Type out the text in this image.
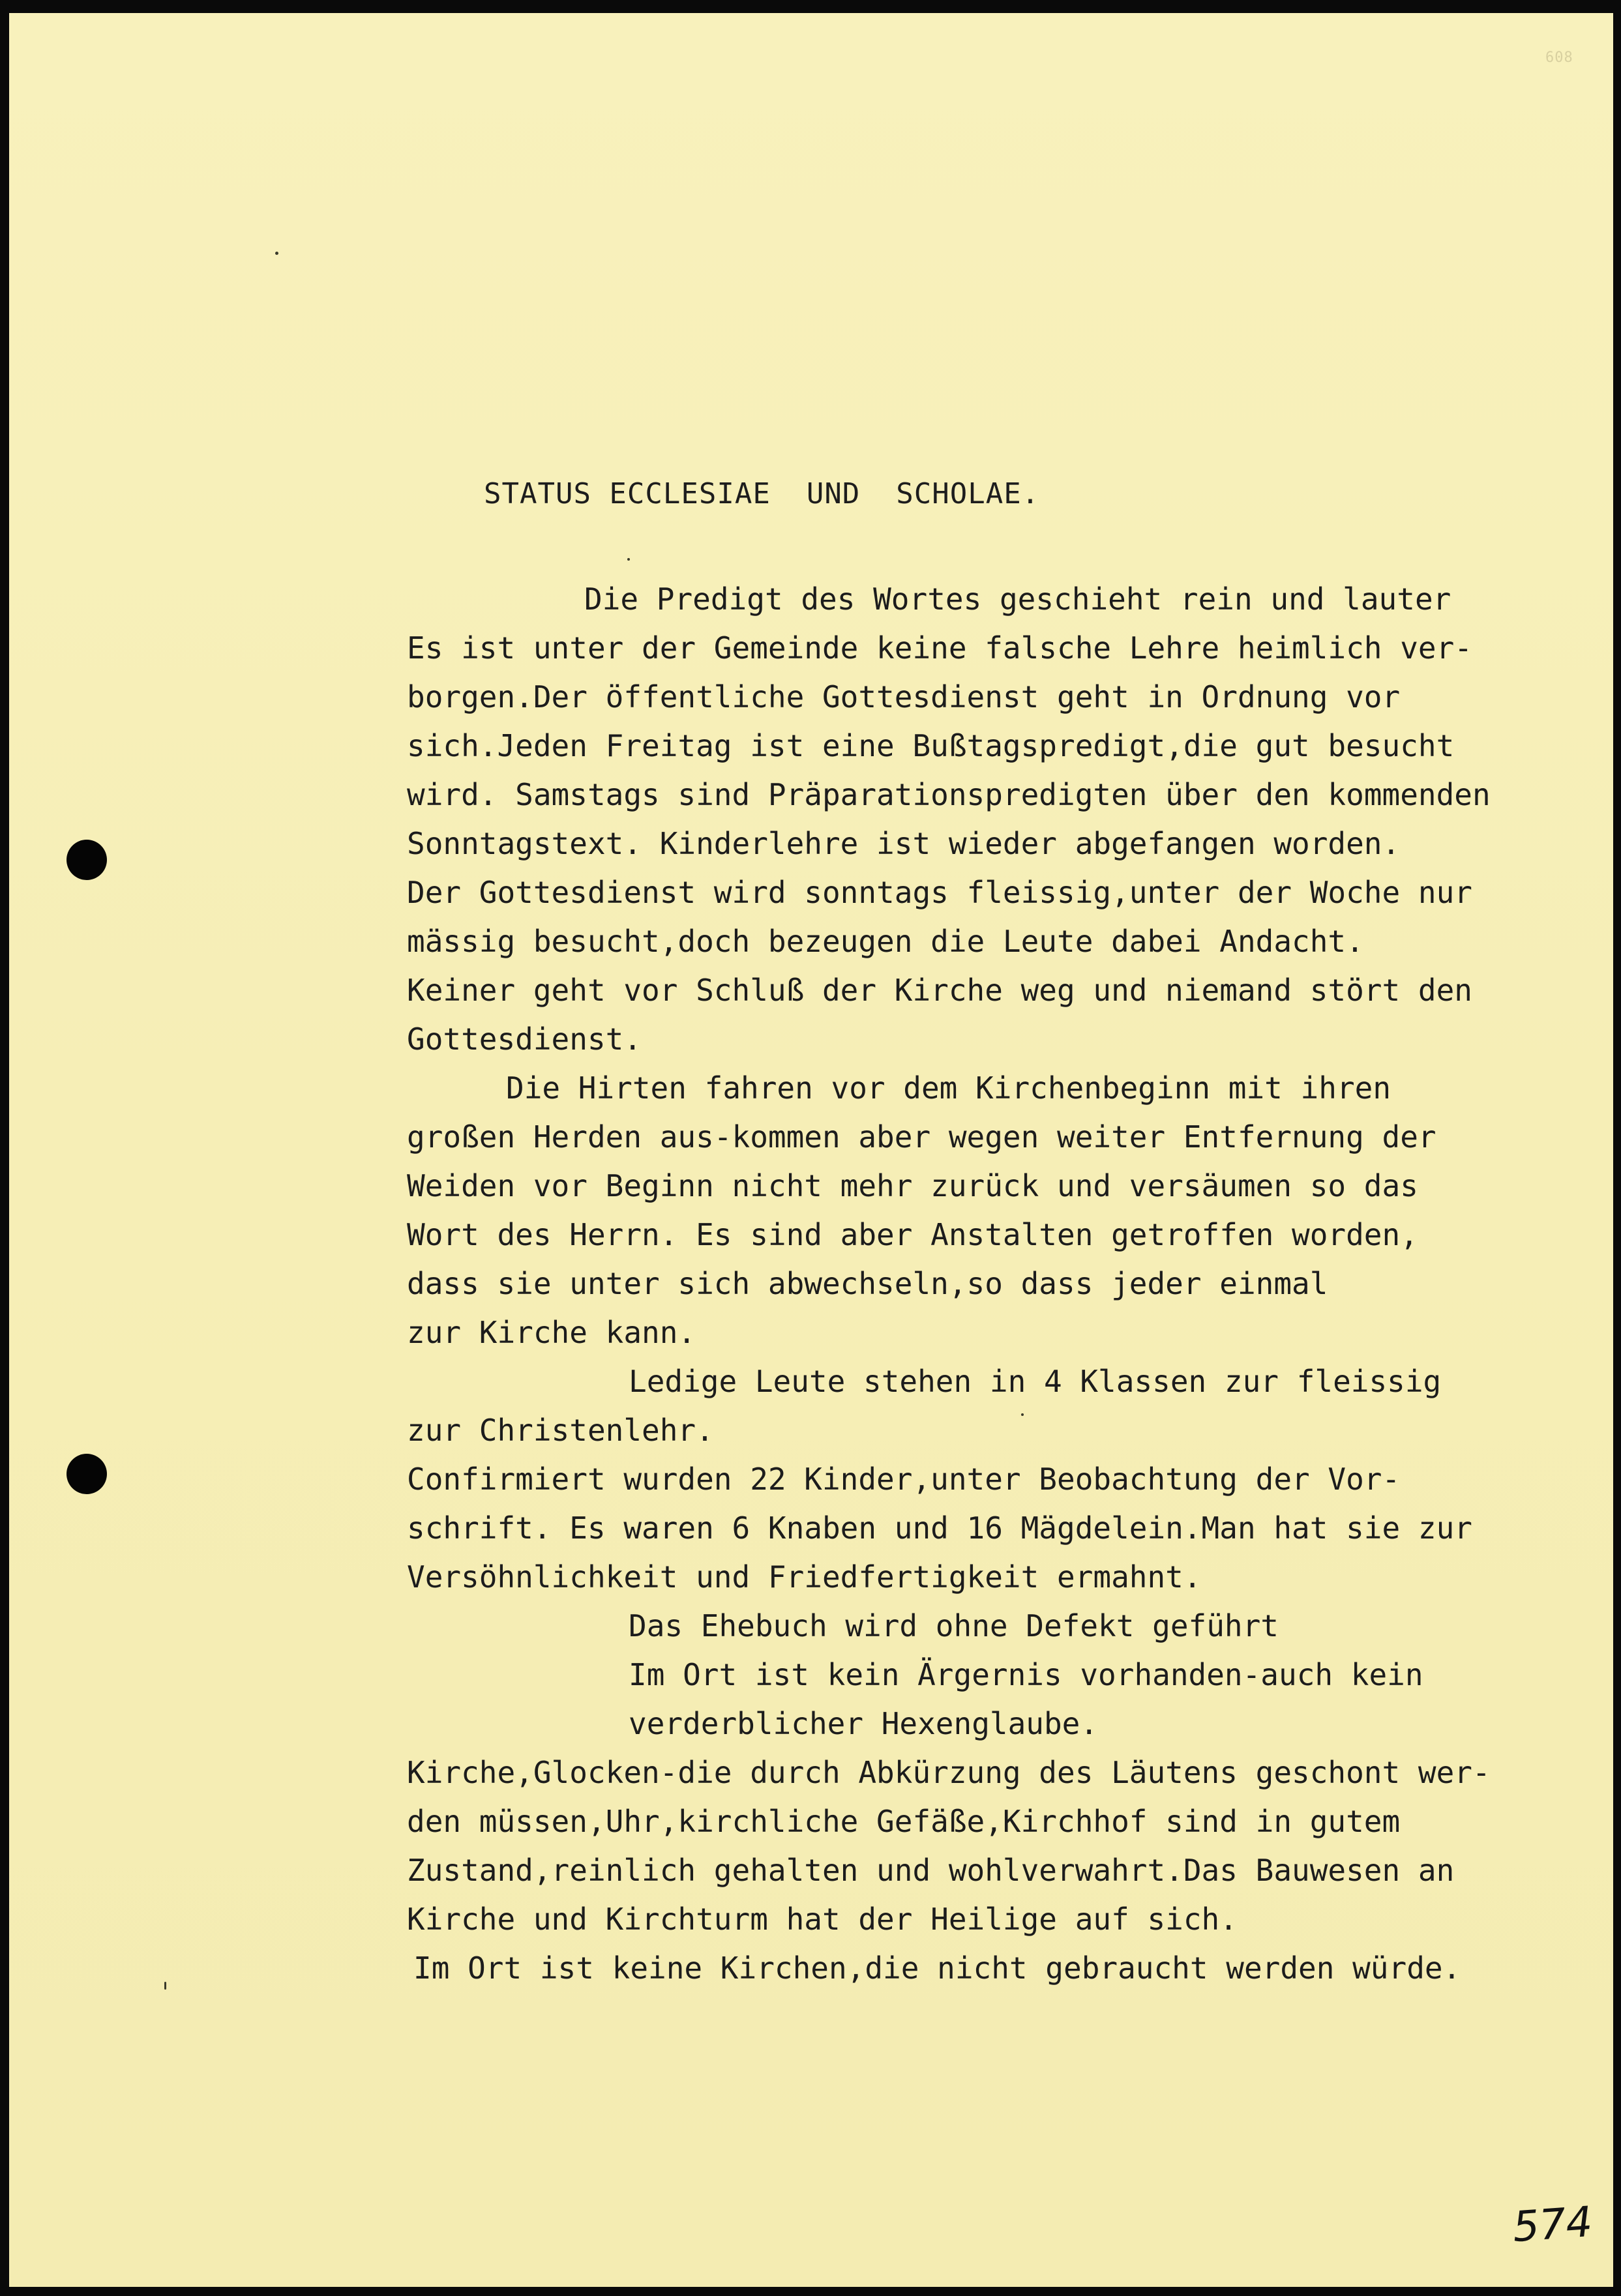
608
STATUS ECCLESIAE  UND  SCHOLAE.
Die Predigt des Wortes geschieht rein und lauter
Es ist unter der Gemeinde keine falsche Lehre heimlich ver-
borgen.Der öffentliche Gottesdienst geht in Ordnung vor
sich.Jeden Freitag ist eine Bußtagspredigt,die gut besucht
wird. Samstags sind Präparationspredigten über den kommenden
Sonntagstext. Kinderlehre ist wieder abgefangen worden.
Der Gottesdienst wird sonntags fleissig,unter der Woche nur
mässig besucht,doch bezeugen die Leute dabei Andacht.
Keiner geht vor Schluß der Kirche weg und niemand stört den
Gottesdienst.
Die Hirten fahren vor dem Kirchenbeginn mit ihren
großen Herden aus-kommen aber wegen weiter Entfernung der
Weiden vor Beginn nicht mehr zurück und versäumen so das
Wort des Herrn. Es sind aber Anstalten getroffen worden,
dass sie unter sich abwechseln,so dass jeder einmal
zur Kirche kann.
Ledige Leute stehen in 4 Klassen zur fleissig
zur Christenlehr.
Confirmiert wurden 22 Kinder,unter Beobachtung der Vor-
schrift. Es waren 6 Knaben und 16 Mägdelein.Man hat sie zur
Versöhnlichkeit und Friedfertigkeit ermahnt.
Das Ehebuch wird ohne Defekt geführt
Im Ort ist kein Ärgernis vorhanden-auch kein
verderblicher Hexenglaube.
Kirche,Glocken-die durch Abkürzung des Läutens geschont wer-
den müssen,Uhr,kirchliche Gefäße,Kirchhof sind in gutem
Zustand,reinlich gehalten und wohlverwahrt.Das Bauwesen an
Kirche und Kirchturm hat der Heilige auf sich.
Im Ort ist keine Kirchen,die nicht gebraucht werden würde.
574
